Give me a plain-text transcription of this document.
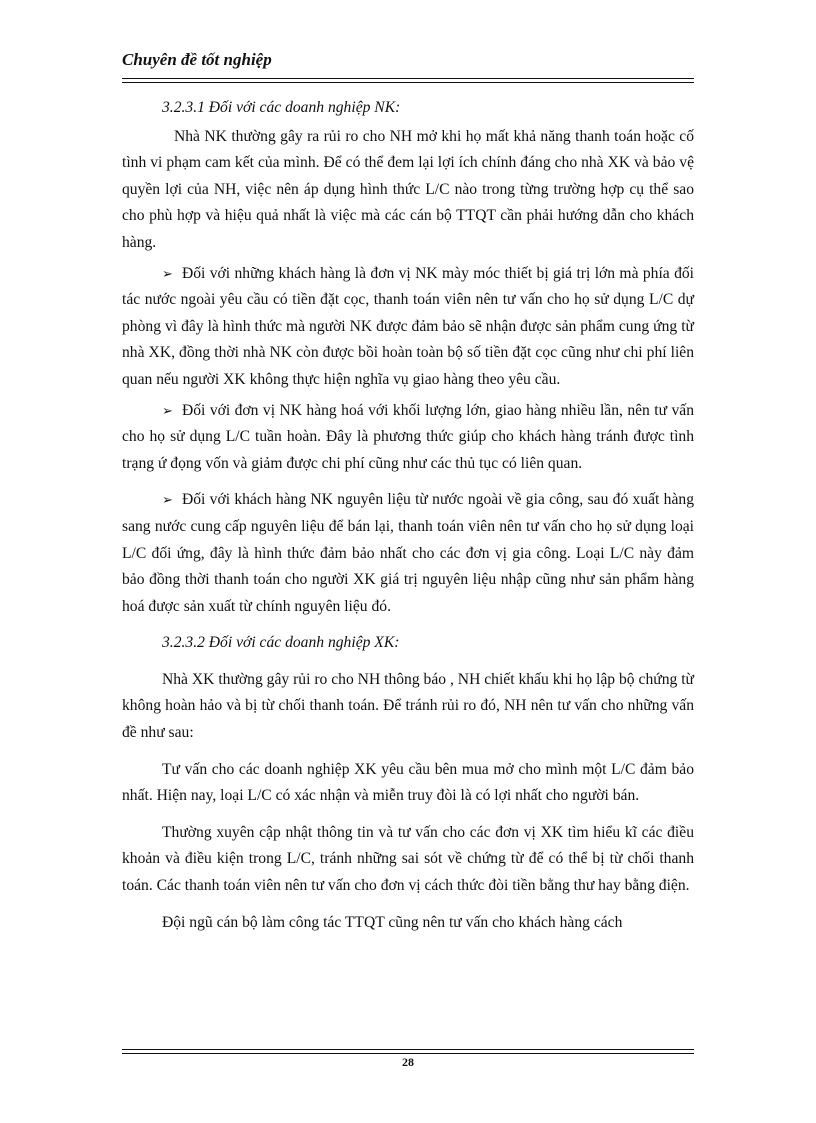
Chuyên đề tốt nghiệp

3.2.3.1 Đối với các doanh nghiệp NK:

Nhà NK thường gây ra rủi ro cho NH mở khi họ mất khả năng thanh toán hoặc cố tình vi phạm cam kết của mình. Để có thể đem lại lợi ích chính đáng cho nhà XK và bảo vệ quyền lợi của NH, việc nên áp dụng hình thức L/C nào trong từng trường hợp cụ thể sao cho phù hợp và hiệu quả nhất là việc mà các cán bộ TTQT cần phải hướng dẫn cho khách hàng.

➢ Đối với những khách hàng là đơn vị NK mày móc thiết bị giá trị lớn mà phía đối tác nước ngoài yêu cầu có tiền đặt cọc, thanh toán viên nên tư vấn cho họ sử dụng L/C dự phòng vì đây là hình thức mà người NK được đảm bảo sẽ nhận được sản phẩm cung ứng từ nhà XK, đồng thời nhà NK còn được bồi hoàn toàn bộ số tiền đặt cọc cũng như chi phí liên quan nếu người XK không thực hiện nghĩa vụ giao hàng theo yêu cầu.

➢ Đối với đơn vị NK hàng hoá với khối lượng lớn, giao hàng nhiều lần, nên tư vấn cho họ sử dụng L/C tuần hoàn. Đây là phương thức giúp cho khách hàng tránh được tình trạng ứ đọng vốn và giảm được chi phí cũng như các thủ tục có liên quan.

➢ Đối với khách hàng NK nguyên liệu từ nước ngoài về gia công, sau đó xuất hàng sang nước cung cấp nguyên liệu để bán lại, thanh toán viên nên tư vấn cho họ sử dụng loại L/C đối ứng, đây là hình thức đảm bảo nhất cho các đơn vị gia công. Loại L/C này đảm bảo đồng thời thanh toán cho người XK giá trị nguyên liệu nhập cũng như sản phẩm hàng hoá được sản xuất từ chính nguyên liệu đó.

3.2.3.2 Đối với các doanh nghiệp XK:

Nhà XK thường gây rủi ro cho NH thông báo , NH chiết khấu khi họ lập bộ chứng từ không hoàn hảo và bị từ chối thanh toán. Để tránh rủi ro đó, NH nên tư vấn cho những vấn đề như sau:

Tư vấn cho các doanh nghiệp XK yêu cầu bên mua mở cho mình một L/C đảm bảo nhất. Hiện nay, loại L/C có xác nhận và miễn truy đòi là có lợi nhất cho người bán.

Thường xuyên cập nhật thông tin và tư vấn cho các đơn vị XK tìm hiểu kĩ các điều khoản và điều kiện trong L/C, tránh những sai sót về chứng từ để có thể bị từ chối thanh toán. Các thanh toán viên nên tư vấn cho đơn vị cách thức đòi tiền bằng thư hay bằng điện.

Đội ngũ cán bộ làm công tác TTQT cũng nên tư vấn cho khách hàng cách

28
